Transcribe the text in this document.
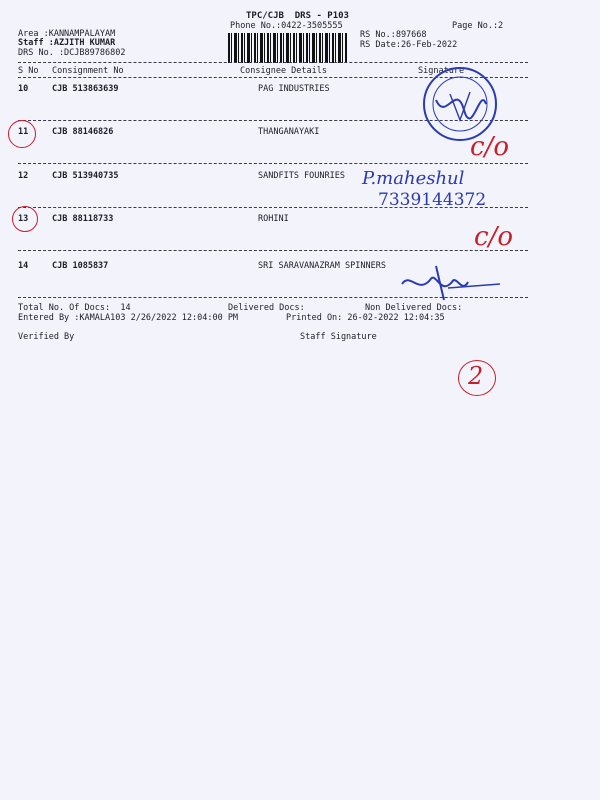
TPC/CJB  DRS - P103
Phone No.:0422-3505555	Page No.:2
Area :KANNAMPALAYAM
Staff :AZJITH KUMAR
DRS No. :DCJB89786802
RS No.:897668
RS Date:26-Feb-2022
S No Consignment No	Consignee Details	Signature
10	CJB 513863639	PAG INDUSTRIES
11	CJB 88146826	THANGANAYAKI
12	CJB 513940735	SANDFITS FOUNRIES
13	CJB 88118733	ROHINI
14	CJB 1085837	SRI SARAVANAZRAM SPINNERS
Total No. Of Docs:  14	Delivered Docs:	Non Delivered Docs:
Entered By :KAMALA103 2/26/2022 12:04:00 PM	Printed On: 26-02-2022 12:04:35
Verified By	Staff Signature
c/o
P.maheshul
7339144372
c/o
2
